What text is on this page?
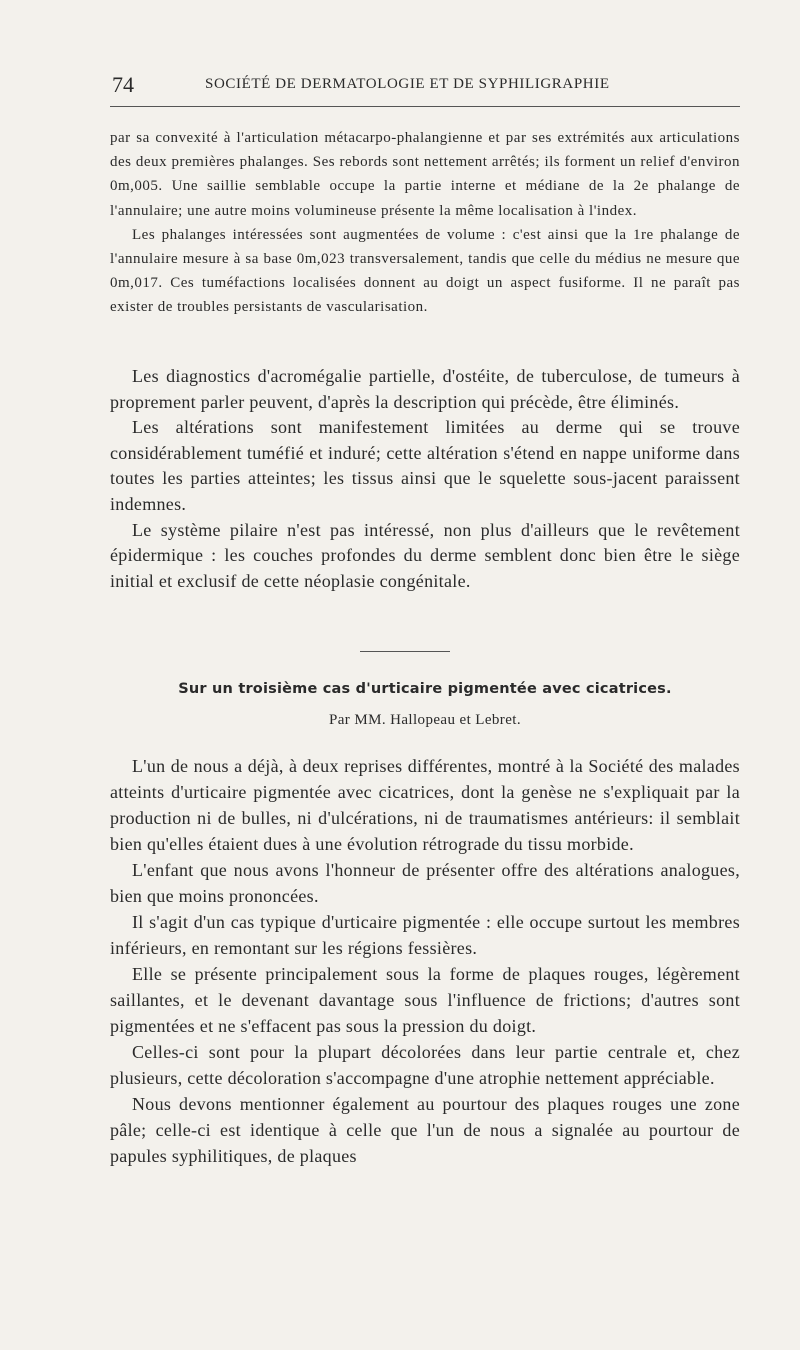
74	SOCIÉTÉ DE DERMATOLOGIE ET DE SYPHILIGRAPHIE

par sa convexité à l'articulation métacarpo-phalangienne et par ses extrémités aux articulations des deux premières phalanges. Ses rebords sont nettement arrêtés; ils forment un relief d'environ 0m,005. Une saillie semblable occupe la partie interne et médiane de la 2e phalange de l'annulaire; une autre moins volumineuse présente la même localisation à l'index.

Les phalanges intéressées sont augmentées de volume : c'est ainsi que la 1re phalange de l'annulaire mesure à sa base 0m,023 transversalement, tandis que celle du médius ne mesure que 0m,017. Ces tuméfactions localisées donnent au doigt un aspect fusiforme. Il ne paraît pas exister de troubles persistants de vascularisation.

Les diagnostics d'acromégalie partielle, d'ostéite, de tuberculose, de tumeurs à proprement parler peuvent, d'après la description qui précède, être éliminés.

Les altérations sont manifestement limitées au derme qui se trouve considérablement tuméfié et induré; cette altération s'étend en nappe uniforme dans toutes les parties atteintes; les tissus ainsi que le squelette sous-jacent paraissent indemnes.

Le système pilaire n'est pas intéressé, non plus d'ailleurs que le revêtement épidermique : les couches profondes du derme semblent donc bien être le siège initial et exclusif de cette néoplasie congénitale.

Sur un troisième cas d'urticaire pigmentée avec cicatrices.
Par MM. Hallopeau et Lebret.

L'un de nous a déjà, à deux reprises différentes, montré à la Société des malades atteints d'urticaire pigmentée avec cicatrices, dont la genèse ne s'expliquait par la production ni de bulles, ni d'ulcérations, ni de traumatismes antérieurs: il semblait bien qu'elles étaient dues à une évolution rétrograde du tissu morbide.

L'enfant que nous avons l'honneur de présenter offre des altérations analogues, bien que moins prononcées.

Il s'agit d'un cas typique d'urticaire pigmentée : elle occupe surtout les membres inférieurs, en remontant sur les régions fessières.

Elle se présente principalement sous la forme de plaques rouges, légèrement saillantes, et le devenant davantage sous l'influence de frictions; d'autres sont pigmentées et ne s'effacent pas sous la pression du doigt.

Celles-ci sont pour la plupart décolorées dans leur partie centrale et, chez plusieurs, cette décoloration s'accompagne d'une atrophie nettement appréciable.

Nous devons mentionner également au pourtour des plaques rouges une zone pâle; celle-ci est identique à celle que l'un de nous a signalée au pourtour de papules syphilitiques, de plaques
